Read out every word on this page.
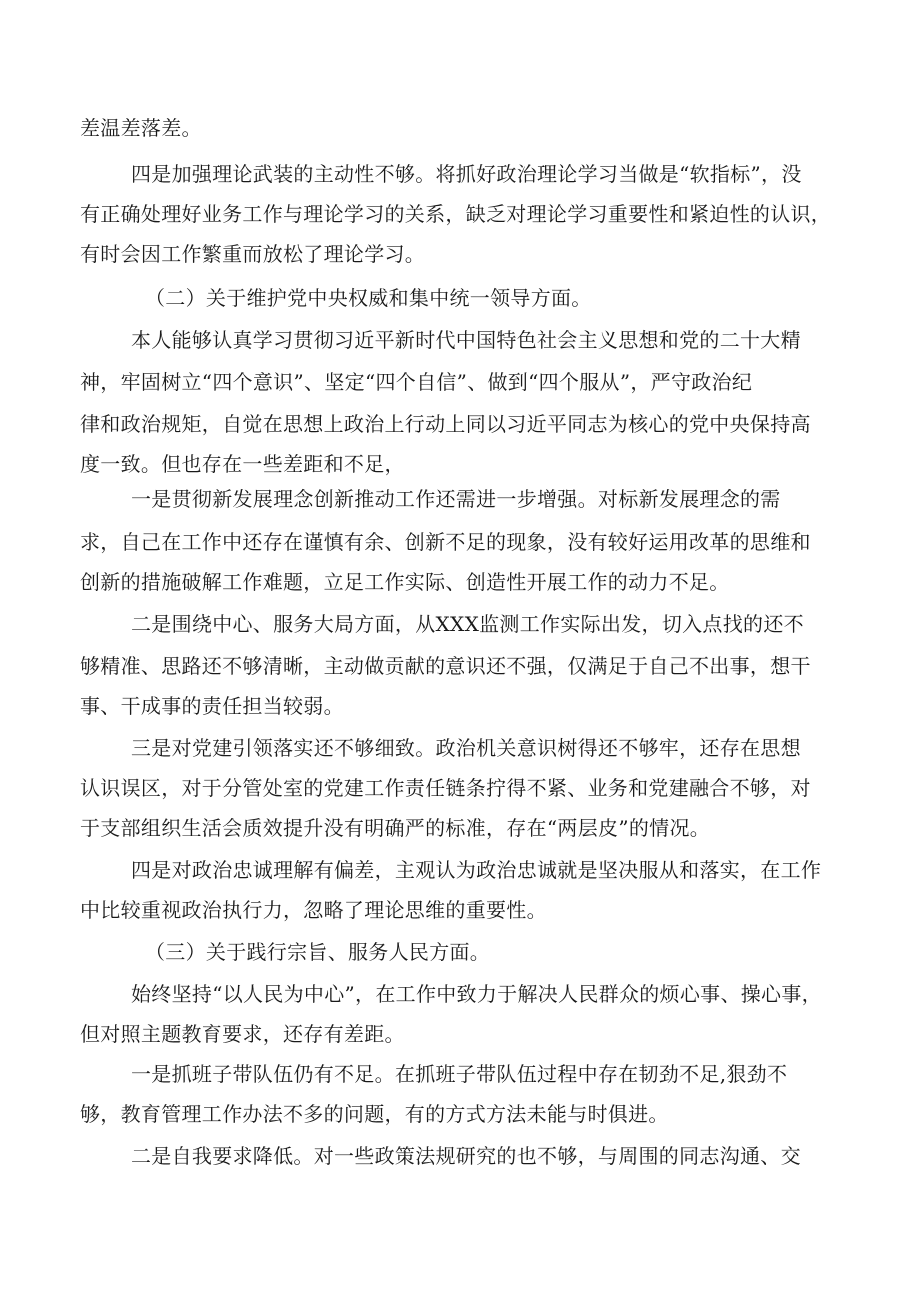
差温差落差。
四是加强理论武装的主动性不够。将抓好政治理论学习当做是“软指标”，没
有正确处理好业务工作与理论学习的关系，缺乏对理论学习重要性和紧迫性的认识，
有时会因工作繁重而放松了理论学习。
（二）关于维护党中央权威和集中统一领导方面。
本人能够认真学习贯彻习近平新时代中国特色社会主义思想和党的二十大精
神，牢固树立“四个意识”、坚定“四个自信”、做到“四个服从”，严守政治纪
律和政治规矩，自觉在思想上政治上行动上同以习近平同志为核心的党中央保持高
度一致。但也存在一些差距和不足，
一是贯彻新发展理念创新推动工作还需进一步增强。对标新发展理念的需
求，自己在工作中还存在谨慎有余、创新不足的现象，没有较好运用改革的思维和
创新的措施破解工作难题，立足工作实际、创造性开展工作的动力不足。
二是围绕中心、服务大局方面，从XXX监测工作实际出发，切入点找的还不
够精准、思路还不够清晰，主动做贡献的意识还不强，仅满足于自己不出事，想干
事、干成事的责任担当较弱。
三是对党建引领落实还不够细致。政治机关意识树得还不够牢，还存在思想
认识误区，对于分管处室的党建工作责任链条拧得不紧、业务和党建融合不够，对
于支部组织生活会质效提升没有明确严的标准，存在“两层皮”的情况。
四是对政治忠诚理解有偏差，主观认为政治忠诚就是坚决服从和落实，在工作
中比较重视政治执行力，忽略了理论思维的重要性。
（三）关于践行宗旨、服务人民方面。
始终坚持“以人民为中心”，在工作中致力于解决人民群众的烦心事、操心事，
但对照主题教育要求，还存有差距。
一是抓班子带队伍仍有不足。在抓班子带队伍过程中存在韧劲不足,狠劲不
够，教育管理工作办法不多的问题，有的方式方法未能与时俱进。
二是自我要求降低。对一些政策法规研究的也不够，与周围的同志沟通、交
